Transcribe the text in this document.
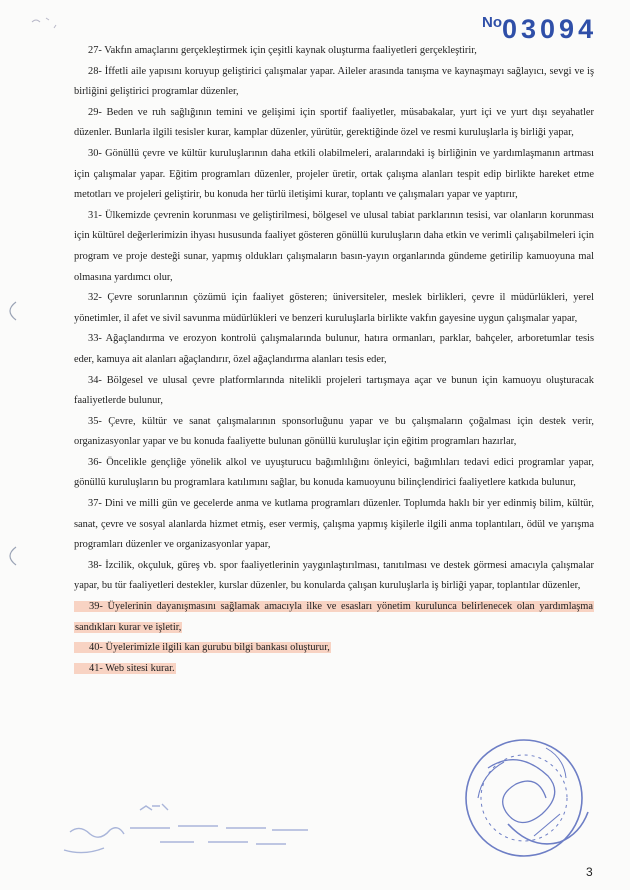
No03094

27- Vakfın amaçlarını gerçekleştirmek için çeşitli kaynak oluşturma faaliyetleri gerçekleştirir,

28- İffetli aile yapısını koruyup geliştirici çalışmalar yapar. Aileler arasında tanışma ve kaynaşmayı sağlayıcı, sevgi ve iş birliğini geliştirici programlar düzenler,

29- Beden ve ruh sağlığının temini ve gelişimi için sportif faaliyetler, müsabakalar, yurt içi ve yurt dışı seyahatler düzenler. Bunlarla ilgili tesisler kurar, kamplar düzenler, yürütür, gerektiğinde özel ve resmi kuruluşlarla iş birliği yapar,

30- Gönüllü çevre ve kültür kuruluşlarının daha etkili olabilmeleri, aralarındaki iş birliğinin ve yardımlaşmanın artması için çalışmalar yapar. Eğitim programları düzenler, projeler üretir, ortak çalışma alanları tespit edip birlikte hareket etme metotları ve projeleri geliştirir, bu konuda her türlü iletişimi kurar, toplantı ve çalışmaları yapar ve yaptırır,

31- Ülkemizde çevrenin korunması ve geliştirilmesi, bölgesel ve ulusal tabiat parklarının tesisi, var olanların korunması için kültürel değerlerimizin ihyası hususunda faaliyet gösteren gönüllü kuruluşların daha etkin ve verimli çalışabilmeleri için program ve proje desteği sunar, yapmış oldukları çalışmaların basın-yayın organlarında gündeme getirilip kamuoyuna mal olmasına yardımcı olur,

32- Çevre sorunlarının çözümü için faaliyet gösteren; üniversiteler, meslek birlikleri, çevre il müdürlükleri, yerel yönetimler, il afet ve sivil savunma müdürlükleri ve benzeri kuruluşlarla birlikte vakfın gayesine uygun çalışmalar yapar,

33- Ağaçlandırma ve erozyon kontrolü çalışmalarında bulunur, hatıra ormanları, parklar, bahçeler, arboretumlar tesis eder, kamuya ait alanları ağaçlandırır, özel ağaçlandırma alanları tesis eder,

34- Bölgesel ve ulusal çevre platformlarında nitelikli projeleri tartışmaya açar ve bunun için kamuoyu oluşturacak faaliyetlerde bulunur,

35- Çevre, kültür ve sanat çalışmalarının sponsorluğunu yapar ve bu çalışmaların çoğalması için destek verir, organizasyonlar yapar ve bu konuda faaliyette bulunan gönüllü kuruluşlar için eğitim programları hazırlar,

36- Öncelikle gençliğe yönelik alkol ve uyuşturucu bağımlılığını önleyici, bağımlıları tedavi edici programlar yapar, gönüllü kuruluşların bu programlara katılımını sağlar, bu konuda kamuoyunu bilinçlendirici faaliyetlere katkıda bulunur,

37- Dini ve milli gün ve gecelerde anma ve kutlama programları düzenler. Toplumda haklı bir yer edinmiş bilim, kültür, sanat, çevre ve sosyal alanlarda hizmet etmiş, eser vermiş, çalışma yapmış kişilerle ilgili anma toplantıları, ödül ve yarışma programları düzenler ve organizasyonlar yapar,

38- İzcilik, okçuluk, güreş vb. spor faaliyetlerinin yaygınlaştırılması, tanıtılması ve destek görmesi amacıyla çalışmalar yapar, bu tür faaliyetleri destekler, kurslar düzenler, bu konularda çalışan kuruluşlarla iş birliği yapar, toplantılar düzenler,

39- Üyelerinin dayanışmasını sağlamak amacıyla ilke ve esasları yönetim kurulunca belirlenecek olan yardımlaşma sandıkları kurar ve işletir,

40- Üyelerimizle ilgili kan gurubu bilgi bankası oluşturur,

41- Web sitesi kurar.

3
